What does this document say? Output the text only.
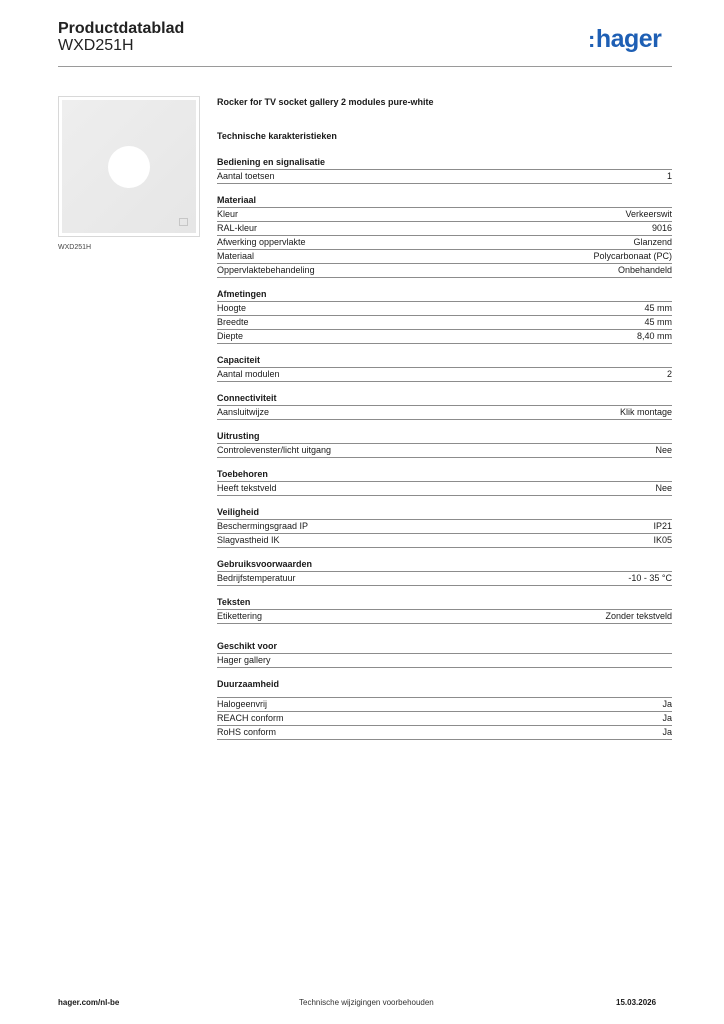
Productdatablad
WXD251H	:hager
WXD251H
Rocker for TV socket gallery 2 modules pure-white
Technische karakteristieken
Bediening en signalisatie
Aantal toetsen	1
Materiaal
Kleur	Verkeerswit
RAL-kleur	9016
Afwerking oppervlakte	Glanzend
Materiaal	Polycarbonaat (PC)
Oppervlaktebehandeling	Onbehandeld
Afmetingen
Hoogte	45 mm
Breedte	45 mm
Diepte	8,40 mm
Capaciteit
Aantal modulen	2
Connectiviteit
Aansluitwijze	Klik montage
Uitrusting
Controlevenster/licht uitgang	Nee
Toebehoren
Heeft tekstveld	Nee
Veiligheid
Beschermingsgraad IP	IP21
Slagvastheid IK	IK05
Gebruiksvoorwaarden
Bedrijfstemperatuur	-10 - 35 °C
Teksten
Etikettering	Zonder tekstveld
Geschikt voor
Hager gallery
Duurzaamheid
Halogeenvrij	Ja
REACH conform	Ja
RoHS conform	Ja
hager.com/nl-be	Technische wijzigingen voorbehouden	15.03.2026
